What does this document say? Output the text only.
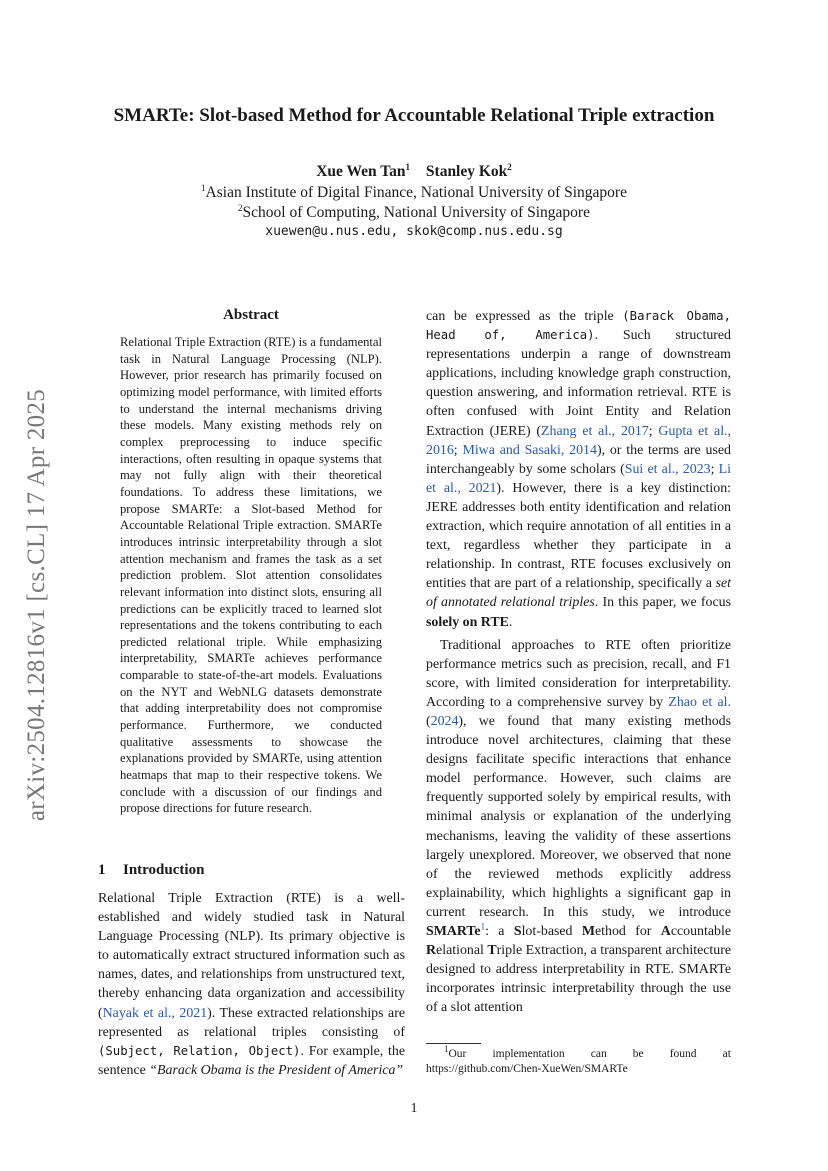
arXiv:2504.12816v1 [cs.CL] 17 Apr 2025
SMARTe: Slot-based Method for Accountable Relational Triple extraction
Xue Wen Tan$^1$ Stanley Kok$^2$
$^1$Asian Institute of Digital Finance, National University of Singapore
$^2$School of Computing, National University of Singapore
xuewen@u.nus.edu, skok@comp.nus.edu.sg
Abstract
Relational Triple Extraction (RTE) is a fundamental task in Natural Language Processing (NLP). However, prior research has primarily focused on optimizing model performance, with limited efforts to understand the internal mechanisms driving these models. Many existing methods rely on complex preprocessing to induce specific interactions, often resulting in opaque systems that may not fully align with their theoretical foundations. To address these limitations, we propose SMARTe: a Slot-based Method for Accountable Relational Triple extraction. SMARTe introduces intrinsic interpretability through a slot attention mechanism and frames the task as a set prediction problem. Slot attention consolidates relevant information into distinct slots, ensuring all predictions can be explicitly traced to learned slot representations and the tokens contributing to each predicted relational triple. While emphasizing interpretability, SMARTe achieves performance comparable to state-of-the-art models. Evaluations on the NYT and WebNLG datasets demonstrate that adding interpretability does not compromise performance. Furthermore, we conducted qualitative assessments to showcase the explanations provided by SMARTe, using attention heatmaps that map to their respective tokens. We conclude with a discussion of our findings and propose directions for future research.
1 Introduction
Relational Triple Extraction (RTE) is a well-established and widely studied task in Natural Language Processing (NLP). Its primary objective is to automatically extract structured information such as names, dates, and relationships from unstructured text, thereby enhancing data organization and accessibility (Nayak et al., 2021). These extracted relationships are represented as relational triples consisting of (Subject, Relation, Object). For example, the sentence “Barack Obama is the President of America”

can be expressed as the triple (Barack Obama, Head of, America). Such structured representations underpin a range of downstream applications, including knowledge graph construction, question answering, and information retrieval. RTE is often confused with Joint Entity and Relation Extraction (JERE) (Zhang et al., 2017; Gupta et al., 2016; Miwa and Sasaki, 2014), or the terms are used interchangeably by some scholars (Sui et al., 2023; Li et al., 2021). However, there is a key distinction: JERE addresses both entity identification and relation extraction, which require annotation of all entities in a text, regardless whether they participate in a relationship. In contrast, RTE focuses exclusively on entities that are part of a relationship, specifically a set of annotated relational triples. In this paper, we focus solely on RTE.

Traditional approaches to RTE often prioritize performance metrics such as precision, recall, and F1 score, with limited consideration for interpretability. According to a comprehensive survey by Zhao et al. (2024), we found that many existing methods introduce novel architectures, claiming that these designs facilitate specific interactions that enhance model performance. However, such claims are frequently supported solely by empirical results, with minimal analysis or explanation of the underlying mechanisms, leaving the validity of these assertions largely unexplored. Moreover, we observed that none of the reviewed methods explicitly address explainability, which highlights a significant gap in current research. In this study, we introduce SMARTe$^1$: a Slot-based Method for Accountable Relational Triple Extraction, a transparent architecture designed to address interpretability in RTE. SMARTe incorporates intrinsic interpretability through the use of a slot attention

$^1$Our implementation can be found at
https://github.com/Chen-XueWen/SMARTe
1
